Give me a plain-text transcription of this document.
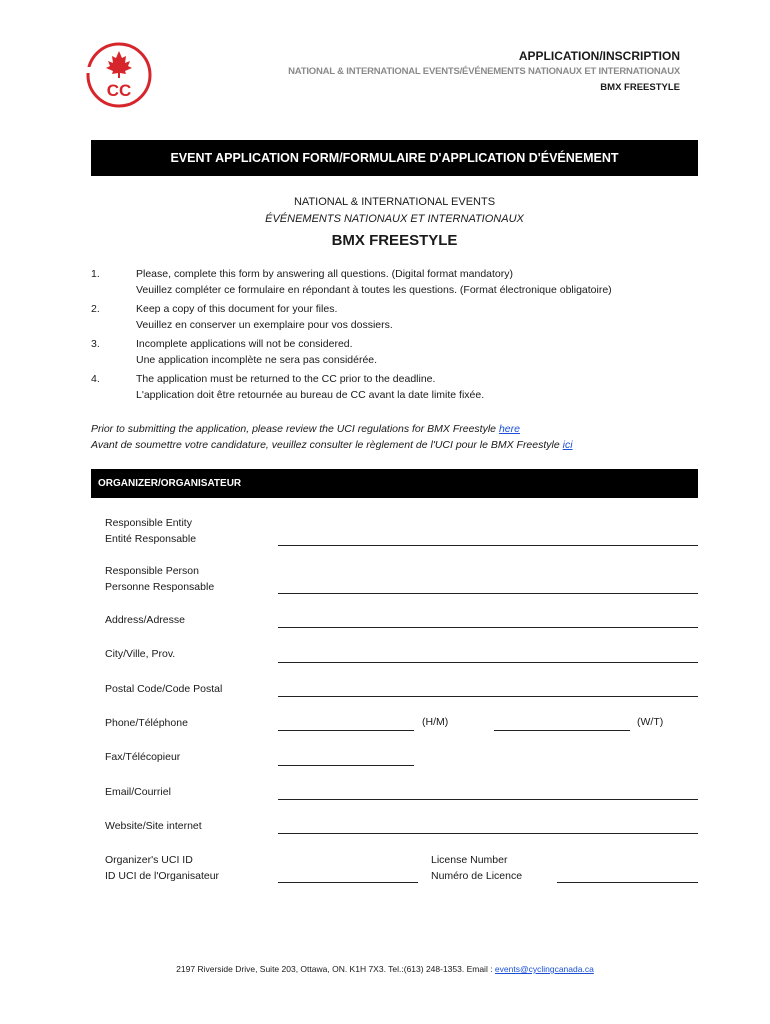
CC
APPLICATION/INSCRIPTION
NATIONAL & INTERNATIONAL EVENTS/ÉVÉNEMENTS NATIONAUX ET INTERNATIONAUX
BMX FREESTYLE
EVENT APPLICATION FORM/FORMULAIRE D'APPLICATION D'ÉVÉNEMENT
NATIONAL & INTERNATIONAL EVENTS
ÉVÉNEMENTS NATIONAUX ET INTERNATIONAUX
BMX FREESTYLE
1.	Please, complete this form by answering all questions. (Digital format mandatory)
Veuillez compléter ce formulaire en répondant à toutes les questions. (Format électronique obligatoire)
2.	Keep a copy of this document for your files.
Veuillez en conserver un exemplaire pour vos dossiers.
3.	Incomplete applications will not be considered.
Une application incomplète ne sera pas considérée.
4.	The application must be returned to the CC prior to the deadline.
L'application doit être retournée au bureau de CC avant la date limite fixée.
Prior to submitting the application, please review the UCI regulations for BMX Freestyle here
Avant de soumettre votre candidature, veuillez consulter le règlement de l'UCI pour le BMX Freestyle ici
ORGANIZER/ORGANISATEUR
Responsible Entity
Entité Responsable
Responsible Person
Personne Responsable
Address/Adresse
City/Ville, Prov.
Postal Code/Code Postal
Phone/Téléphone	(H/M)	(W/T)
Fax/Télécopieur
Email/Courriel
Website/Site internet
Organizer's UCI ID
ID UCI de l'Organisateur
License Number
Numéro de Licence
2197 Riverside Drive, Suite 203, Ottawa, ON. K1H 7X3. Tel.:(613) 248-1353. Email : events@cyclingcanada.ca
